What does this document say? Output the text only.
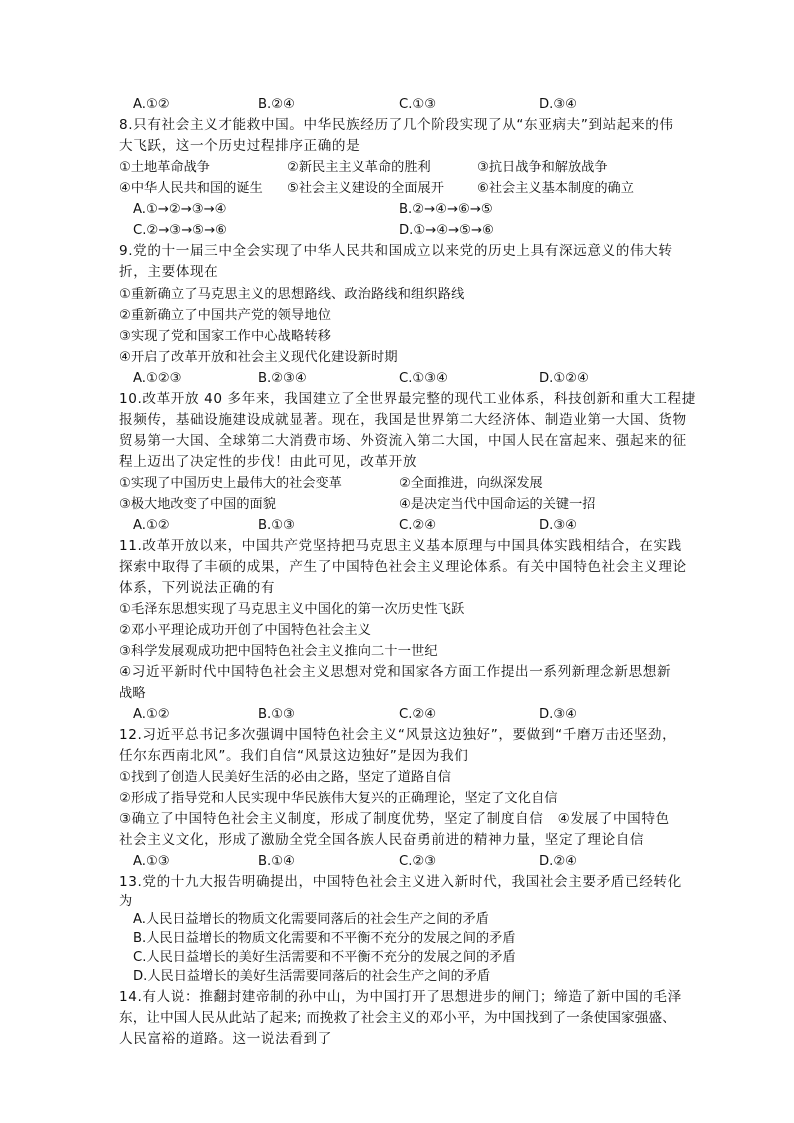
A.①②	B.②④	C.①③	D.③④
8.只有社会主义才能救中国。中华民族经历了几个阶段实现了从“东亚病夫”到站起来的伟
大飞跃，这一个历史过程排序正确的是
①土地革命战争	②新民主主义革命的胜利	③抗日战争和解放战争
④中华人民共和国的诞生 ⑤社会主义建设的全面展开	⑥社会主义基本制度的确立
A.①→②→③→④	B.②→④→⑥→⑤
C.②→③→⑤→⑥	D.①→④→⑤→⑥
9.党的十一届三中全会实现了中华人民共和国成立以来党的历史上具有深远意义的伟大转
折，主要体现在
①重新确立了马克思主义的思想路线、政治路线和组织路线
②重新确立了中国共产党的领导地位
③实现了党和国家工作中心战略转移
④开启了改革开放和社会主义现代化建设新时期
A.①②③	B.②③④	C.①③④	D.①②④
10.改革开放 40 多年来，我国建立了全世界最完整的现代工业体系，科技创新和重大工程捷
报频传，基础设施建设成就显著。现在，我国是世界第二大经济体、制造业第一大国、货物
贸易第一大国、全球第二大消费市场、外资流入第二大国，中国人民在富起来、强起来的征
程上迈出了决定性的步伐！由此可见，改革开放
①实现了中国历史上最伟大的社会变革	②全面推进，向纵深发展
③极大地改变了中国的面貌	④是决定当代中国命运的关键一招
A.①②	B.①③	C.②④	D.③④
11.改革开放以来，中国共产党坚持把马克思主义基本原理与中国具体实践相结合，在实践
探索中取得了丰硕的成果，产生了中国特色社会主义理论体系。有关中国特色社会主义理论
体系，下列说法正确的有
①毛泽东思想实现了马克思主义中国化的第一次历史性飞跃
②邓小平理论成功开创了中国特色社会主义
③科学发展观成功把中国特色社会主义推向二十一世纪
④习近平新时代中国特色社会主义思想对党和国家各方面工作提出一系列新理念新思想新
战略
A.①②	B.①③	C.②④	D.③④
12.习近平总书记多次强调中国特色社会主义“风景这边独好”，要做到“千磨万击还坚劲，
任尔东西南北风”。我们自信“风景这边独好”是因为我们
①找到了创造人民美好生活的必由之路，坚定了道路自信
②形成了指导党和人民实现中华民族伟大复兴的正确理论，坚定了文化自信
③确立了中国特色社会主义制度，形成了制度优势，坚定了制度自信　④发展了中国特色
社会主义文化，形成了激励全党全国各族人民奋勇前进的精神力量，坚定了理论自信
A.①③	B.①④	C.②③	D.②④
13.党的十九大报告明确提出，中国特色社会主义进入新时代，我国社会主要矛盾已经转化
为
A.人民日益增长的物质文化需要同落后的社会生产之间的矛盾
B.人民日益增长的物质文化需要和不平衡不充分的发展之间的矛盾
C.人民日益增长的美好生活需要和不平衡不充分的发展之间的矛盾
D.人民日益增长的美好生活需要同落后的社会生产之间的矛盾
14.有人说：推翻封建帝制的孙中山，为中国打开了思想进步的闸门；缔造了新中国的毛泽
东，让中国人民从此站了起来; 而挽救了社会主义的邓小平，为中国找到了一条使国家强盛、
人民富裕的道路。这一说法看到了
